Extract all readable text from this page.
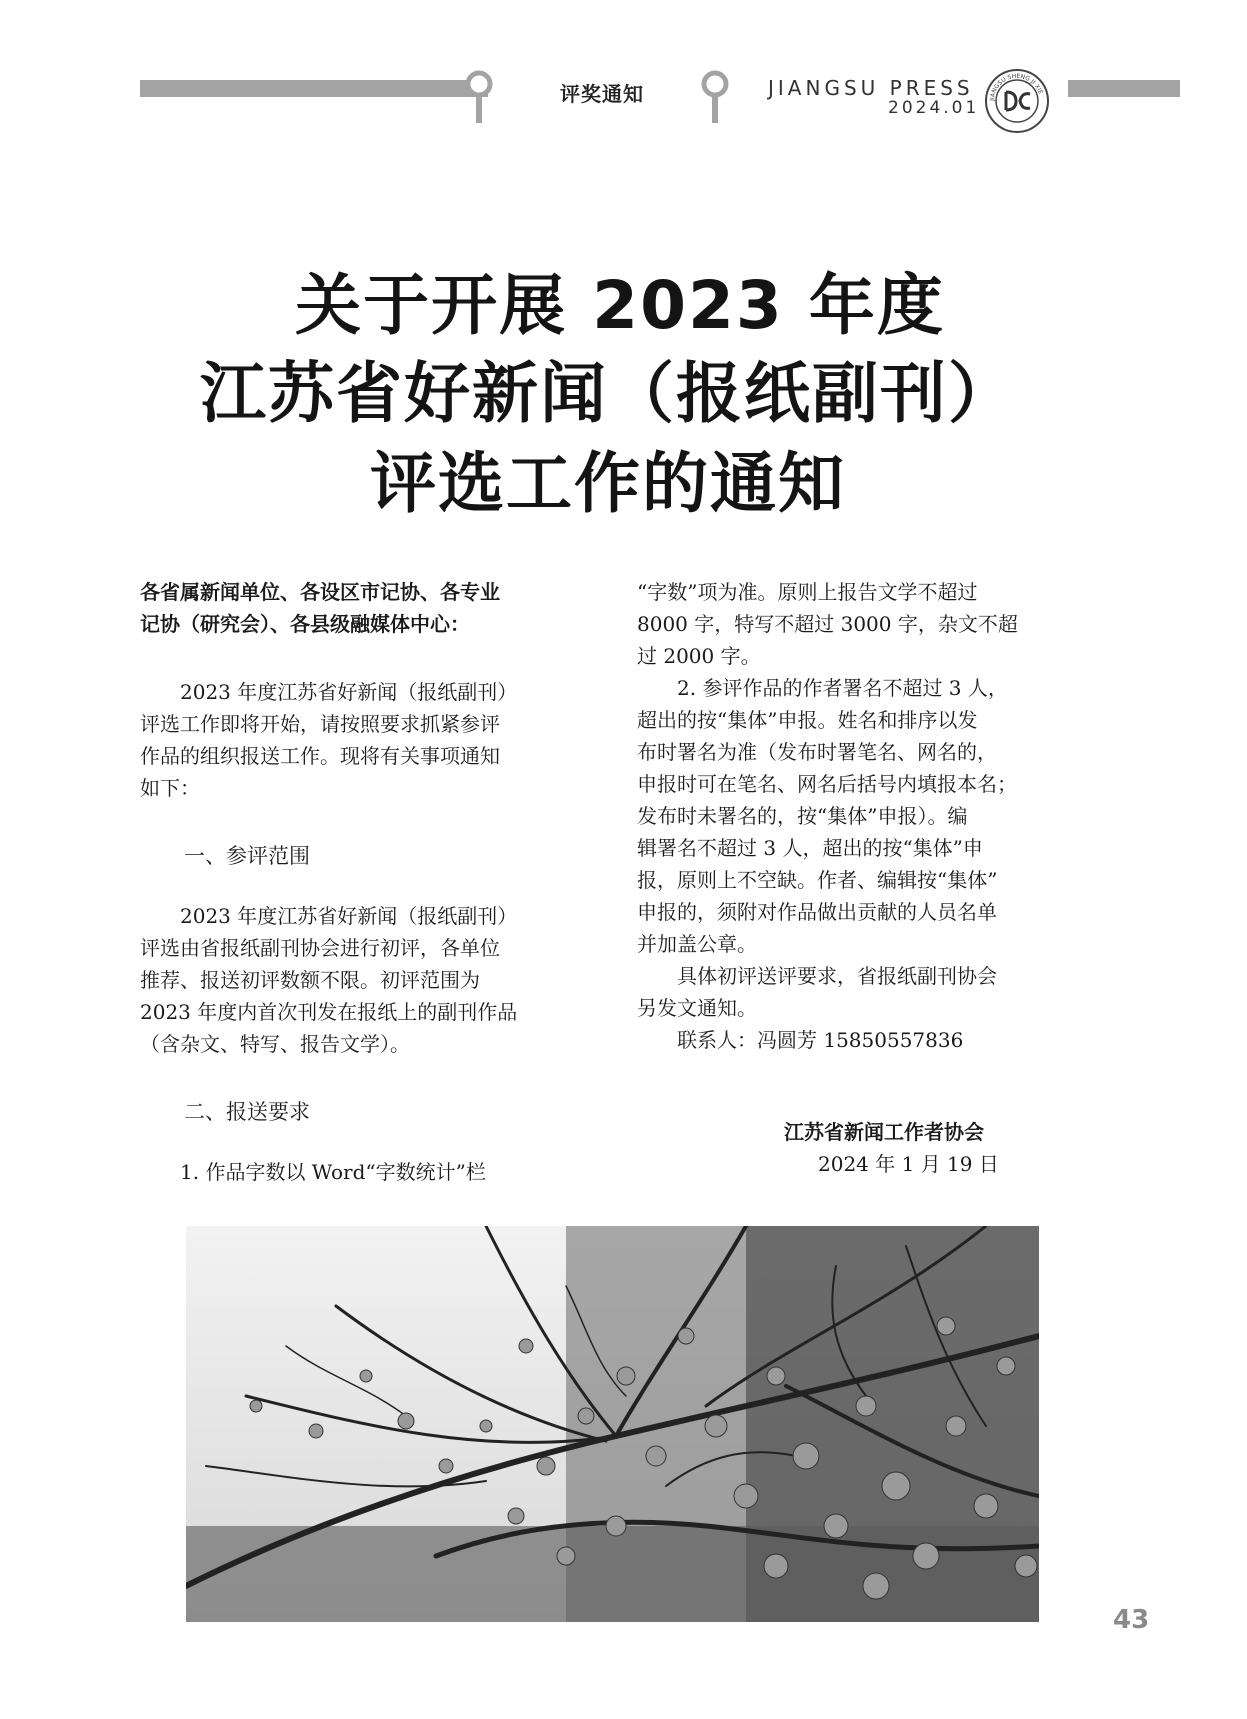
评奖通知	JIANGSU PRESS
2024.01 JIANGSU SHENG JI XIE
关于开展 2023 年度
江苏省好新闻（报纸副刊）
评选工作的通知
各省属新闻单位、各设区市记协、各专业
记协（研究会）、各县级融媒体中心：
2023 年度江苏省好新闻（报纸副刊）
评选工作即将开始，请按照要求抓紧参评
作品的组织报送工作。现将有关事项通知
如下：
一、参评范围
2023 年度江苏省好新闻（报纸副刊）
评选由省报纸副刊协会进行初评，各单位
推荐、报送初评数额不限。初评范围为
2023 年度内首次刊发在报纸上的副刊作品
（含杂文、特写、报告文学）。
二、报送要求
1. 作品字数以 Word“字数统计”栏
“字数”项为准。原则上报告文学不超过
8000 字，特写不超过 3000 字，杂文不超
过 2000 字。
2. 参评作品的作者署名不超过 3 人，
超出的按“集体”申报。姓名和排序以发
布时署名为准（发布时署笔名、网名的，
申报时可在笔名、网名后括号内填报本名；
发布时未署名的，按“集体”申报）。编
辑署名不超过 3 人，超出的按“集体”申
报，原则上不空缺。作者、编辑按“集体”
申报的，须附对作品做出贡献的人员名单
并加盖公章。
具体初评送评要求，省报纸副刊协会
另发文通知。
联系人：冯圆芳 15850557836
江苏省新闻工作者协会
2024 年 1 月 19 日
43
